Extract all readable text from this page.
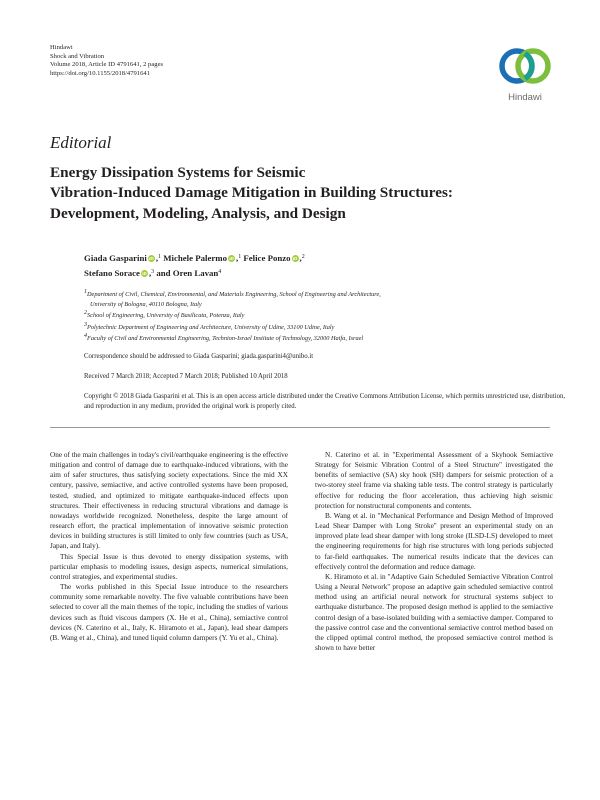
Hindawi
Shock and Vibration
Volume 2018, Article ID 4791641, 2 pages
https://doi.org/10.1155/2018/4791641
Hindawi
Editorial
Energy Dissipation Systems for Seismic
Vibration-Induced Damage Mitigation in Building Structures:
Development, Modeling, Analysis, and Design
Giada Gasparini iD ,$^1$ Michele Palermo iD ,$^1$ Felice Ponzo iD ,$^2$
Stefano Sorace iD ,$^3$ and Oren Lavan$^4$

1Department of Civil, Chemical, Environmental, and Materials Engineering, School of Engineering and Architecture,

University of Bologna, 40110 Bologna, Italy

2School of Engineering, University of Basilicata, Potenza, Italy

3Polytechnic Department of Engineering and Architecture, University of Udine, 33100 Udine, Italy

4Faculty of Civil and Environmental Engineering, Technion-Israel Institute of Technology, 32000 Haifa, Israel

Correspondence should be addressed to Giada Gasparini; giada.gasparini4@unibo.it
Received 7 March 2018; Accepted 7 March 2018; Published 10 April 2018
Copyright © 2018 Giada Gasparini et al. This is an open access article distributed under the Creative Commons Attribution License, which permits unrestricted use, distribution, and reproduction in any medium, provided the original work is properly cited.

One of the main challenges in today's civil/earthquake engineering is the effective mitigation and control of damage due to earthquake-induced vibrations, with the aim of safer structures, thus satisfying society expectations. Since the mid XX century, passive, semiactive, and active controlled systems have been proposed, tested, studied, and optimized to mitigate earthquake-induced effects upon structures. Their effectiveness in reducing structural vibrations and damage is nowadays worldwide recognized. Nonetheless, despite the large amount of research effort, the practical implementation of innovative seismic protection devices in building structures is still limited to only few countries (such as USA, Japan, and Italy).

This Special Issue is thus devoted to energy dissipation systems, with particular emphasis to modeling issues, design aspects, numerical simulations, control strategies, and experimental studies.

The works published in this Special Issue introduce to the researchers community some remarkable novelty. The five valuable contributions have been selected to cover all the main themes of the topic, including the studies of various devices such as fluid viscous dampers (X. He et al., China), semiactive control devices (N. Caterino et al., Italy, K. Hiramoto et al., Japan), lead shear dampers (B. Wang et al., China), and tuned liquid column dampers (Y. Yu et al., China).

N. Caterino et al. in "Experimental Assessment of a Skyhook Semiactive Strategy for Seismic Vibration Control of a Steel Structure" investigated the benefits of semiactive (SA) sky hook (SH) dampers for seismic protection of a two-storey steel frame via shaking table tests. The control strategy is particularly effective for reducing the floor acceleration, thus achieving high seismic protection for nonstructural components and contents.

B. Wang et al. in "Mechanical Performance and Design Method of Improved Lead Shear Damper with Long Stroke" present an experimental study on an improved plate lead shear damper with long stroke (ILSD-LS) developed to meet the engineering requirements for high rise structures with long periods subjected to far-field earthquakes. The numerical results indicate that the devices can effectively control the deformation and reduce damage.

K. Hiramoto et al. in "Adaptive Gain Scheduled Semiactive Vibration Control Using a Neural Network" propose an adaptive gain scheduled semiactive control method using an artificial neural network for structural systems subject to earthquake disturbance. The proposed design method is applied to the semiactive control design of a base-isolated building with a semiactive damper. Compared to the passive control case and the conventional semiactive control method based on the clipped optimal control method, the proposed semiactive control method is shown to have better
